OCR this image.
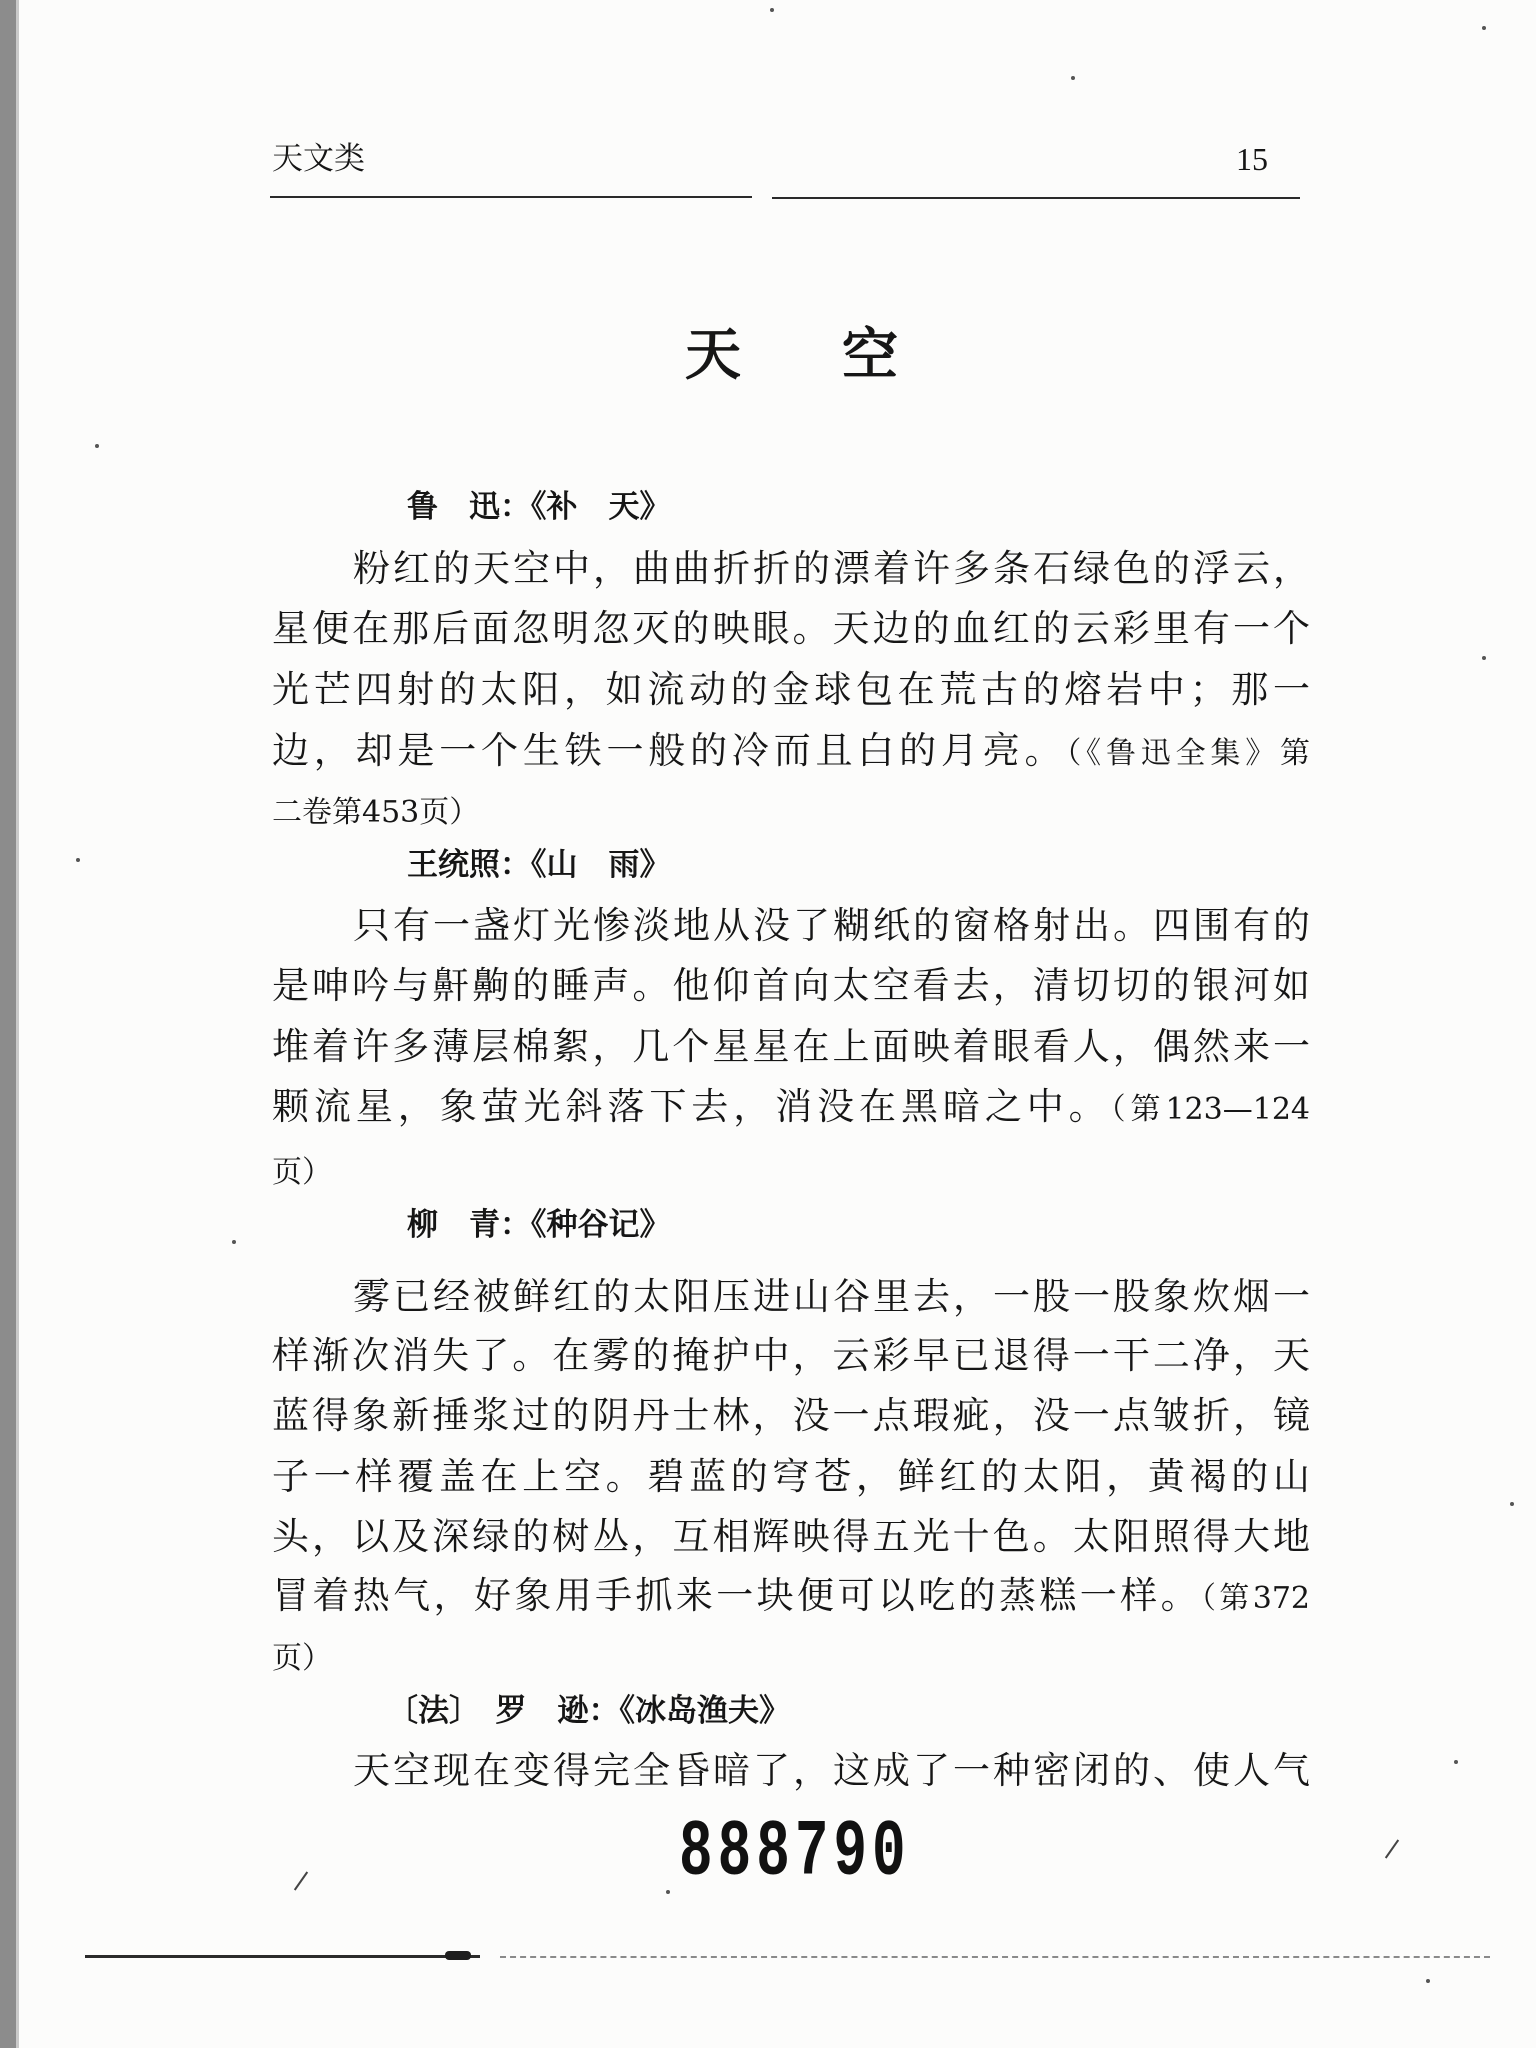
天文类	15
天空
鲁　迅：《补　天》
粉红的天空中，曲曲折折的漂着许多条石绿色的浮云，
星便在那后面忽明忽灭的映眼。天边的血红的云彩里有一个
光芒四射的太阳，如流动的金球包在荒古的熔岩中；那一
边，却是一个生铁一般的冷而且白的月亮。（《鲁迅全集》第
二卷第453页）
王统照：《山　雨》
只有一盏灯光惨淡地从没了糊纸的窗格射出。四围有的
是呻吟与鼾齁的睡声。他仰首向太空看去，清切切的银河如
堆着许多薄层棉絮，几个星星在上面映着眼看人，偶然来一
颗流星，象萤光斜落下去，消没在黑暗之中。（第123—124
页）
柳　青：《种谷记》
雾已经被鲜红的太阳压进山谷里去，一股一股象炊烟一
样渐次消失了。在雾的掩护中，云彩早已退得一干二净，天
蓝得象新捶浆过的阴丹士林，没一点瑕疵，没一点皱折，镜
子一样覆盖在上空。碧蓝的穹苍，鲜红的太阳，黄褐的山
头，以及深绿的树丛，互相辉映得五光十色。太阳照得大地
冒着热气，好象用手抓来一块便可以吃的蒸糕一样。（第372
页）
〔法〕　罗　逊：《冰岛渔夫》
天空现在变得完全昏暗了，这成了一种密闭的、使人气
888790
